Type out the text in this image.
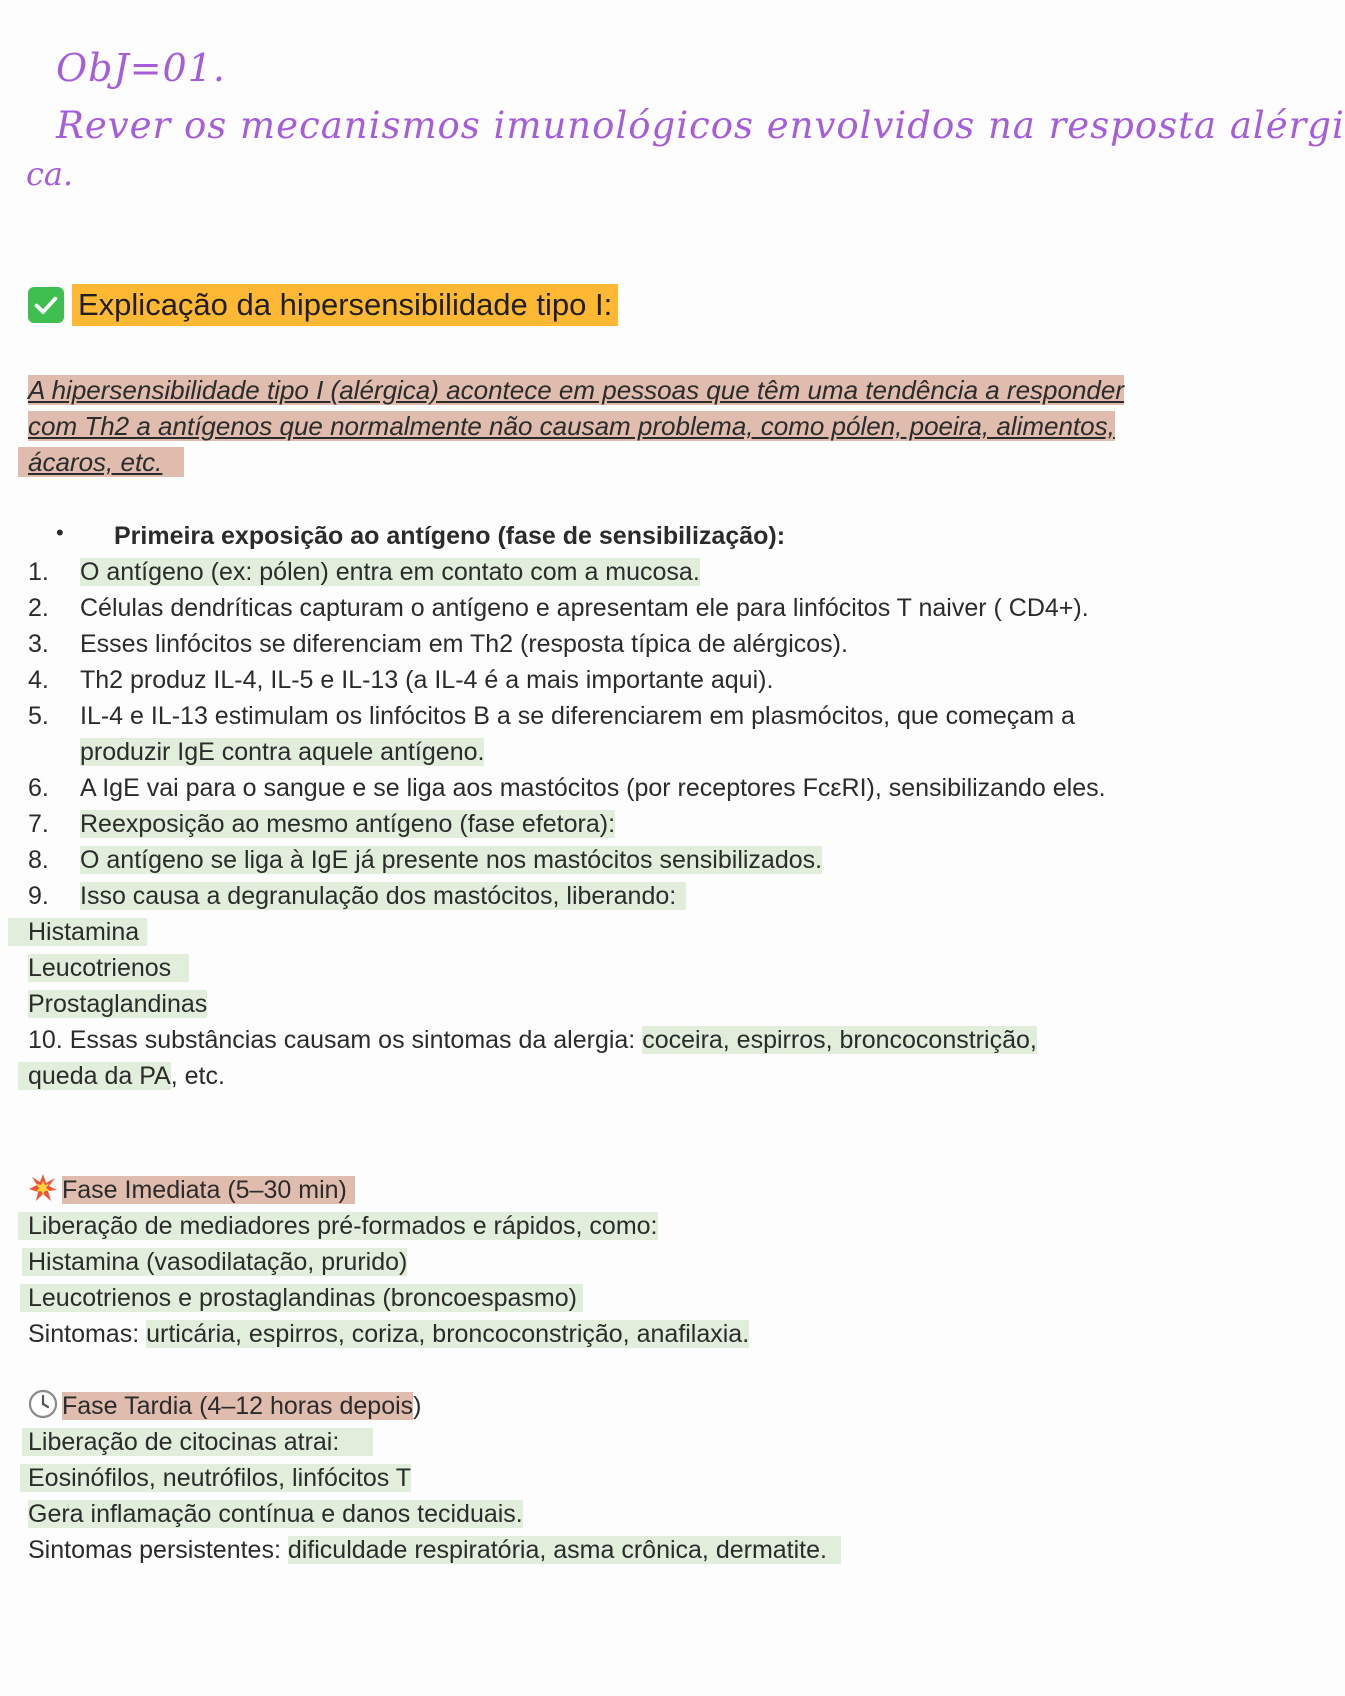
ObJ=01.
Rever os mecanismos imunológicos envolvidos na resposta alérgi
ca.
Explicação da hipersensibilidade tipo I:
A hipersensibilidade tipo I (alérgica) acontece em pessoas que têm uma tendência a responder
com Th2 a antígenos que normalmente não causam problema, como pólen, poeira, alimentos,
ácaros, etc.
• Primeira exposição ao antígeno (fase de sensibilização):
1. O antígeno (ex: pólen) entra em contato com a mucosa.
2. Células dendríticas capturam o antígeno e apresentam ele para linfócitos T naiver ( CD4+).
3. Esses linfócitos se diferenciam em Th2 (resposta típica de alérgicos).
4. Th2 produz IL-4, IL-5 e IL-13 (a IL-4 é a mais importante aqui).
5. IL-4 e IL-13 estimulam os linfócitos B a se diferenciarem em plasmócitos, que começam a
produzir IgE contra aquele antígeno.
6. A IgE vai para o sangue e se liga aos mastócitos (por receptores FcεRI), sensibilizando eles.
7. Reexposição ao mesmo antígeno (fase efetora):
8. O antígeno se liga à IgE já presente nos mastócitos sensibilizados.
9. Isso causa a degranulação dos mastócitos, liberando:
Histamina
Leucotrienos
Prostaglandinas
10. Essas substâncias causam os sintomas da alergia: coceira, espirros, broncoconstrição,
queda da PA, etc.
Fase Imediata (5–30 min)
Liberação de mediadores pré-formados e rápidos, como:
Histamina (vasodilatação, prurido)
Leucotrienos e prostaglandinas (broncoespasmo)
Sintomas: urticária, espirros, coriza, broncoconstrição, anafilaxia.
Fase Tardia (4–12 horas depois)
Liberação de citocinas atrai:
Eosinófilos, neutrófilos, linfócitos T
Gera inflamação contínua e danos teciduais.
Sintomas persistentes: dificuldade respiratória, asma crônica, dermatite.
